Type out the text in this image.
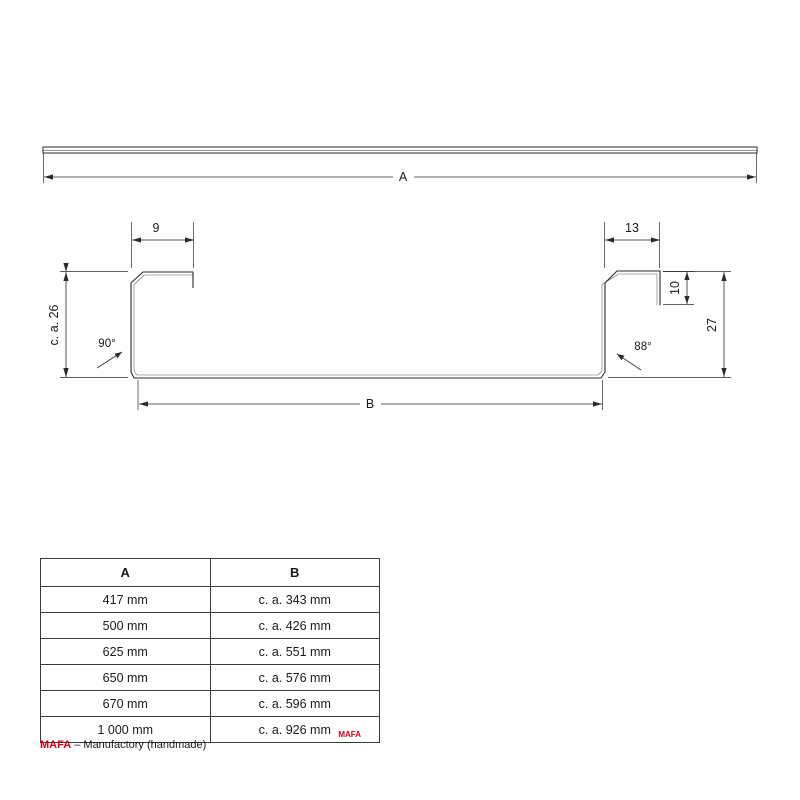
A
9	13
c. a. 26	27
10
90°	88°
B
A	B
417 mm	c. a. 343 mm
500 mm	c. a. 426 mm
625 mm	c. a. 551 mm
650 mm	c. a. 576 mm
670 mm	c. a. 596 mm
1 000 mm	c. a. 926 mm MAFA
MAFA – Manufactory (handmade)
